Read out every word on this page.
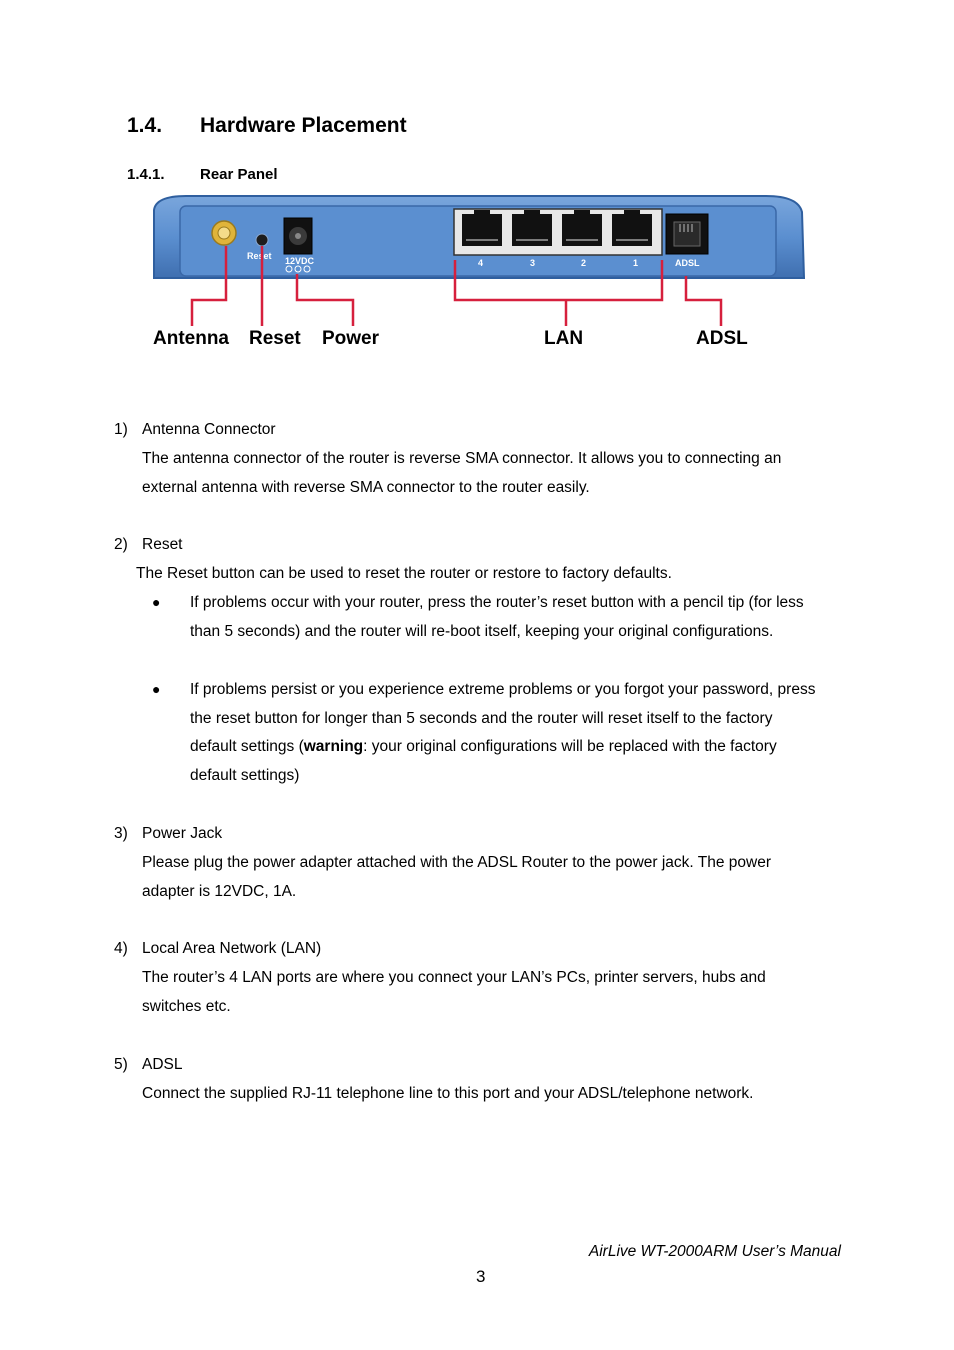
1.4. Hardware Placement
1.4.1. Rear Panel
Reset 12VDC	4	3	2	1	ADSL
Antenna Reset Power	LAN	ADSL
1) Antenna Connector
The antenna connector of the router is reverse SMA connector. It allows you to connecting an
external antenna with reverse SMA connector to the router easily.
2) Reset
The Reset button can be used to reset the router or restore to factory defaults.
● If problems occur with your router, press the router’s reset button with a pencil tip (for less
than 5 seconds) and the router will re-boot itself, keeping your original configurations.
● If problems persist or you experience extreme problems or you forgot your password, press
the reset button for longer than 5 seconds and the router will reset itself to the factory
default settings (warning: your original configurations will be replaced with the factory
default settings)
3) Power Jack
Please plug the power adapter attached with the ADSL Router to the power jack. The power
adapter is 12VDC, 1A.
4) Local Area Network (LAN)
The router’s 4 LAN ports are where you connect your LAN’s PCs, printer servers, hubs and
switches etc.
5) ADSL
Connect the supplied RJ-11 telephone line to this port and your ADSL/telephone network.
AirLive WT-2000ARM User’s Manual
3
